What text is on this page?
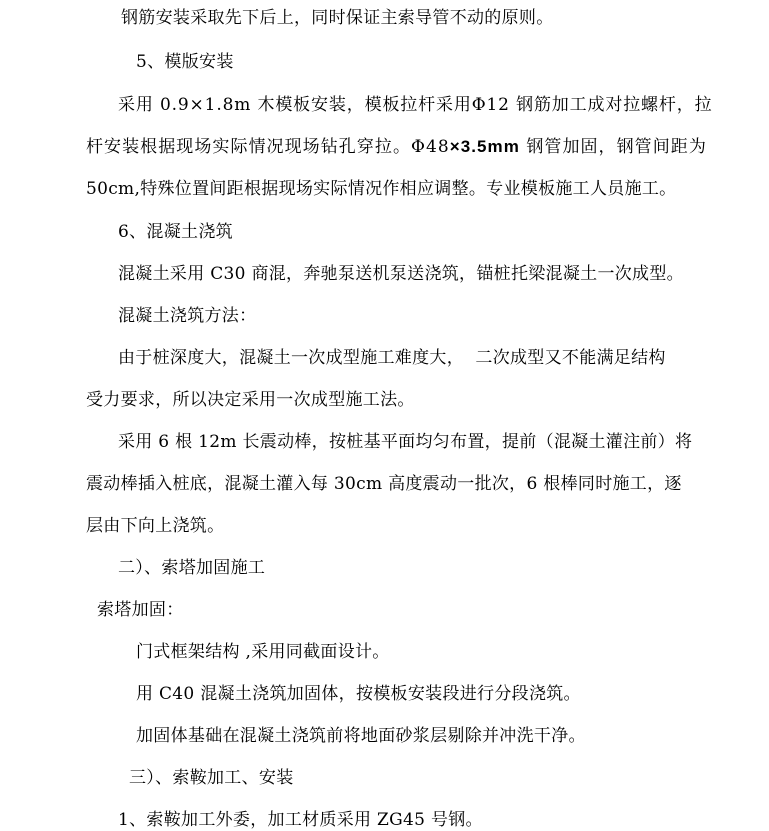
钢筋安装采取先下后上，同时保证主索导管不动的原则。
5、模版安装
采用 0.9×1.8m 木模板安装，模板拉杆采用Φ12 钢筋加工成对拉螺杆，拉
杆安装根据现场实际情况现场钻孔穿拉。Φ48×3.5mm 钢管加固，钢管间距为
50cm,特殊位置间距根据现场实际情况作相应调整。专业模板施工人员施工。
6、混凝土浇筑
混凝土采用 C30 商混，奔驰泵送机泵送浇筑，锚桩托梁混凝土一次成型。
混凝土浇筑方法：
由于桩深度大，混凝土一次成型施工难度大，  二次成型又不能满足结构
受力要求，所以决定采用一次成型施工法。
采用 6 根 12m 长震动棒，按桩基平面均匀布置，提前（混凝土灌注前）将
震动棒插入桩底，混凝土灌入每 30cm 高度震动一批次，6 根棒同时施工，逐
层由下向上浇筑。
二）、索塔加固施工
索塔加固：
门式框架结构 ,采用同截面设计。
用 C40 混凝土浇筑加固体，按模板安装段进行分段浇筑。
加固体基础在混凝土浇筑前将地面砂浆层剔除并冲洗干净。
三）、索鞍加工、安装
1、索鞍加工外委，加工材质采用 ZG45 号钢。
